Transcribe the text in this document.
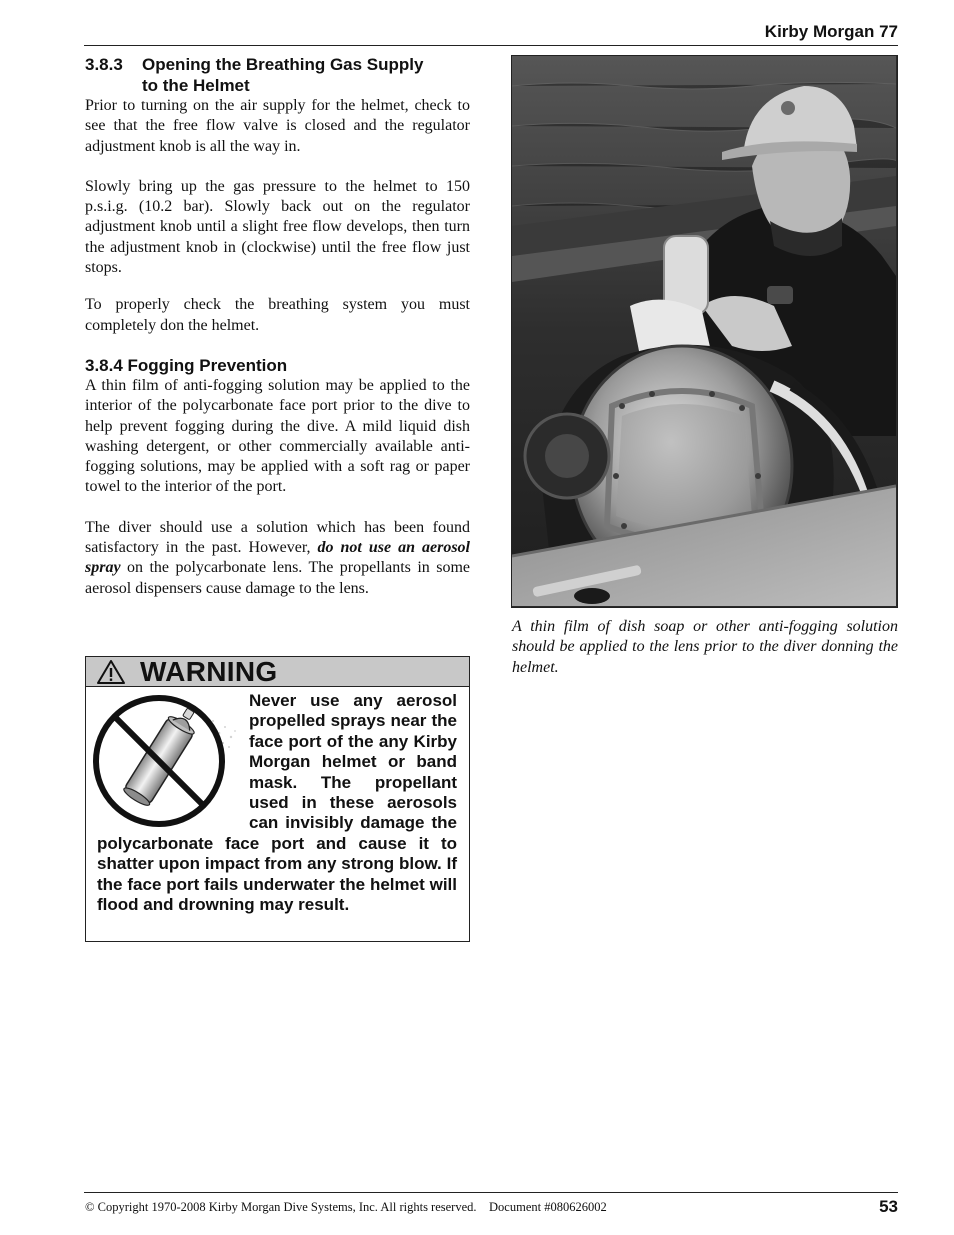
Kirby Morgan 77
3.8.3 Opening the Breathing Gas Supply
to the Helmet

Prior to turning on the air supply for the helmet, check to see that the free flow valve is closed and the regulator adjustment knob is all the way in.

Slowly bring up the gas pressure to the helmet to 150 p.s.i.g. (10.2 bar). Slowly back out on the regulator adjustment knob until a slight free flow develops, then turn the adjustment knob in (clockwise) until the free flow just stops.

To properly check the breathing system you must completely don the helmet.

3.8.4 Fogging Prevention

A thin film of anti-fogging solution may be applied to the interior of the polycarbonate face port prior to the dive to help prevent fogging during the dive. A mild liquid dish washing detergent, or other commercially available anti-fogging solutions, may be applied with a soft rag or paper towel to the interior of the port.

The diver should use a solution which has been found satisfactory in the past. However, do not use an aerosol spray on the polycarbonate lens. The propellants in some aerosol dispensers cause damage to the lens.

WARNING
Never use any aerosol propelled sprays near the face port of the any Kirby Morgan helmet or band mask. The propellant used in these aerosols can invisibly damage the polycarbonate face port and cause it to shatter upon impact from any strong blow. If the face port fails underwater the helmet will flood and drowning may result.
A thin film of dish soap or other anti-fogging solution should be applied to the lens prior to the diver donning the helmet.
© Copyright 1970-2008 Kirby Morgan Dive Systems, Inc. All rights reserved.    Document #080626002	53
